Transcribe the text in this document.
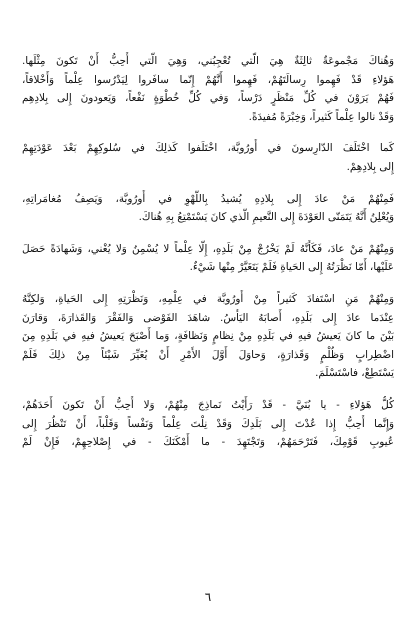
وَهُناكَ مَجْموعَةٌ ثالِثَةٌ هِيَ الّتي تُعْجِبُني، وَهِيَ الّتي أُحِبُّ أَنْ تَكونَ مِثْلَها.
هَؤلاءِ قَدْ فَهِموا رِسالَتَهُمْ، فَهِموا أَنَّهُمْ إِنّما سافَروا لِيَدْرُسوا عِلْماً وَأَخْلاقاً،
فَهُمْ يَرَوْنَ في كُلِّ مَنْظَرٍ دَرْساً، وَفي كُلِّ خُطْوَةٍ نَفْعاً، وَيَعودونَ إِلى بِلادِهِم
وَقَدْ نالوا عِلْماً كَثيراً، وَخِبْرَةً مُفيدَةً.

كَما اخْتَلَفَ الدّارِسونَ في أُورُوبَّة، اخْتَلَفوا كَذلِكَ في سُلوكِهِمْ بَعْدَ عَوْدَتِهِمْ
إِلى بِلادِهِمْ.

فَمِنْهُمْ مَنْ عادَ إِلى بِلادِهِ يُشيدُ بِاللَّهْوِ في أُورُوبَّة، وَيَصِفُ مُغامَراتِهِ،
وَيُعْلِنُ أَنَّهُ يَتَمَنّى العَوْدَةَ إِلى النَّعيمِ الَّذي كانَ يَسْتَمْتِعُ بِهِ هُناكَ.

وَمِنْهُمْ مَنْ عادَ، فَكَأَنَّهُ لَمْ يَخْرُجْ مِنْ بَلَدِهِ، إِلّا عِلْماً لا يُسْمِنُ وَلا يُغْني، وَشَهادَةً حَصَلَ
عَلَيْها، أَمّا نَظْرَتُهُ إِلى الحَياةِ فَلَمْ يَتَغَيَّرْ مِنْها شَيْءٌ.

وَمِنْهُمْ مَنِ اسْتَفادَ كَثيراً مِنْ أُورُوبَّة في عِلْمِهِ، وَنَظْرَتِهِ إِلى الحَياةِ، وَلكِنَّهُ
عِنْدَما عادَ إِلى بَلَدِهِ، أَصابَهُ اليَأْسُ. شاهَدَ الفَوْضى وَالفَقْرَ وَالقَذارَةَ، وَقارَنَ
بَيْنَ ما كانَ يَعيشُ فيهِ في بَلَدِهِ مِنْ نِظامٍ وَنَظافَةٍ، وَما أَصْبَحَ يَعيشُ فيهِ في بَلَدِهِ مِنَ
اضْطِرابٍ وَظُلْمٍ وَقَذارَةٍ، وَحاوَلَ أَوَّلَ الأَمْرِ أَنْ يُغَيِّرَ شَيْئاً مِنْ ذلِكَ فَلَمْ
يَسْتَطِعْ، فاسْتَسْلَمَ.

كُلُّ هَؤلاءِ - يا بُنَيَّ - قَدْ رَأَيْتُ نَماذِجَ مِنْهُمْ، وَلا أُحِبُّ أَنْ تَكونَ أَحَدَهُمْ،
وَإِنَّما أُحِبُّ إِذا عُدْتَ إِلى بَلَدِكَ وَقَدْ نِلْتَ عِلْماً وَنَفْساً وَقَلْباً، أَنْ تَنْظُرَ إِلى
عُيوبِ قَوْمِكَ، فَتَرْحَمَهُمْ، وَتَجْتَهِدَ - ما أَمْكَنَكَ - في إِصْلاحِهِمْ، فَإِنْ لَمْ

٦
